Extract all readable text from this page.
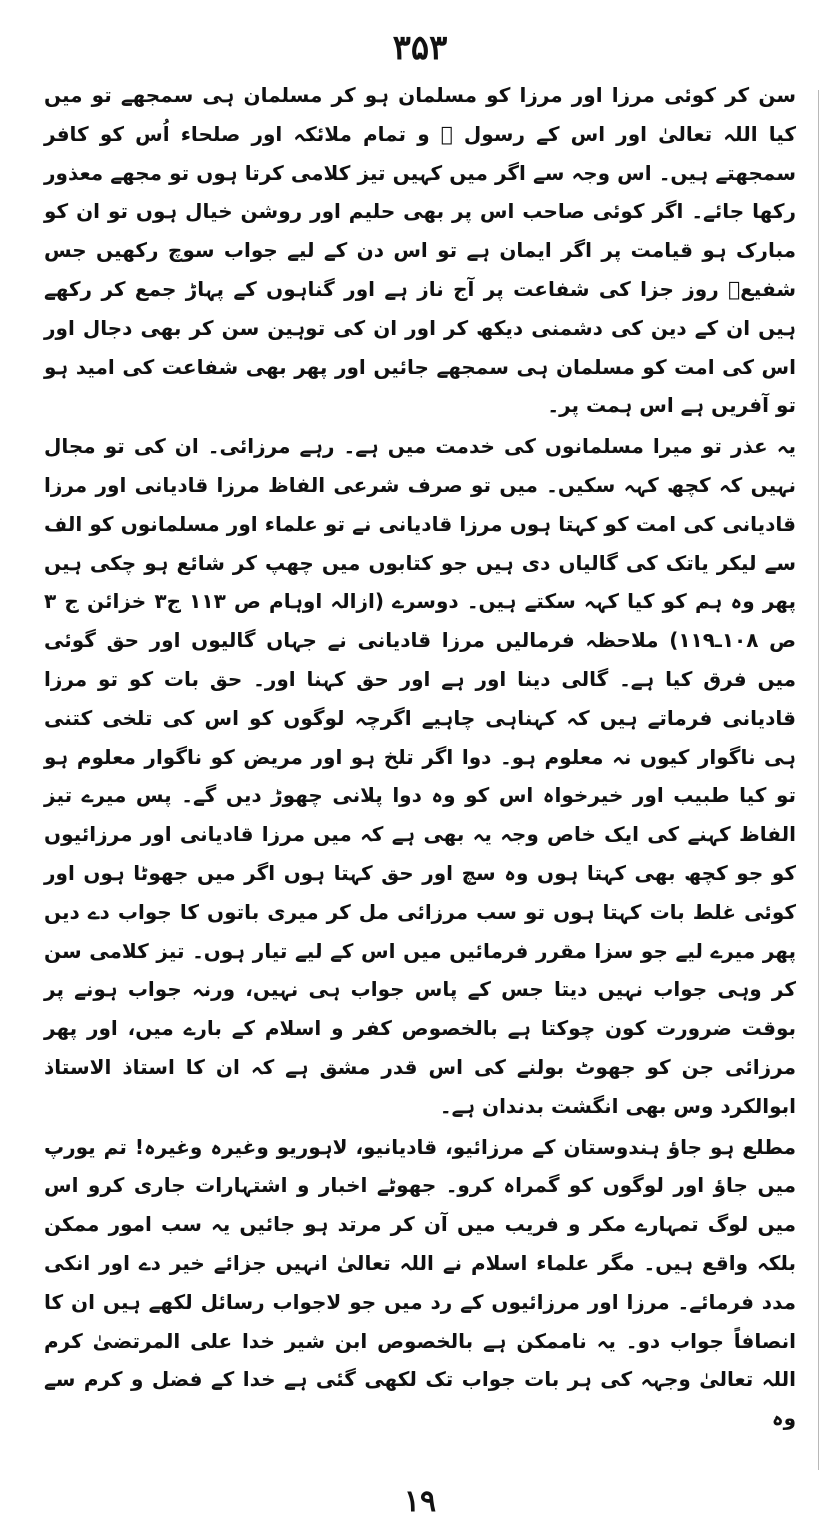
۳۵۳

سن کر کوئی مرزا اور مرزا کو مسلمان ہو کر مسلمان ہی سمجھے تو میں کیا اللہ تعالیٰ اور اس کے رسول ﷺ و تمام ملائکہ اور صلحاء اُس کو کافر سمجھتے ہیں۔ اس وجہ سے اگر میں کہیں تیز کلامی کرتا ہوں تو مجھے معذور رکھا جائے۔ اگر کوئی صاحب اس پر بھی حلیم اور روشن خیال ہوں تو ان کو مبارک ہو قیامت پر اگر ایمان ہے تو اس دن کے لیے جواب سوچ رکھیں جس شفیعؐ روز جزا کی شفاعت پر آج ناز ہے اور گناہوں کے پہاڑ جمع کر رکھے ہیں ان کے دین کی دشمنی دیکھ کر اور ان کی توہین سن کر بھی دجال اور اس کی امت کو مسلمان ہی سمجھے جائیں اور پھر بھی شفاعت کی امید ہو تو آفریں ہے اس ہمت پر۔

یہ عذر تو میرا مسلمانوں کی خدمت میں ہے۔ رہے مرزائی۔ ان کی تو مجال نہیں کہ کچھ کہہ سکیں۔ میں تو صرف شرعی الفاظ مرزا قادیانی اور مرزا قادیانی کی امت کو کہتا ہوں مرزا قادیانی نے تو علماء اور مسلمانوں کو الف سے لیکر یاتک کی گالیاں دی ہیں جو کتابوں میں چھپ کر شائع ہو چکی ہیں پھر وہ ہم کو کیا کہہ سکتے ہیں۔ دوسرے (ازالہ اوہام ص ۱۱۳ ج۳ خزائن ج ۳ ص ۱۰۸ـ۱۱۹) ملاحظہ فرمالیں مرزا قادیانی نے جہاں گالیوں اور حق گوئی میں فرق کیا ہے۔ گالی دینا اور ہے اور حق کہنا اور۔ حق بات کو تو مرزا قادیانی فرماتے ہیں کہ کہناہی چاہیے اگرچہ لوگوں کو اس کی تلخی کتنی ہی ناگوار کیوں نہ معلوم ہو۔ دوا اگر تلخ ہو اور مریض کو ناگوار معلوم ہو تو کیا طبیب اور خیرخواہ اس کو وہ دوا پلانی چھوڑ دیں گے۔ پس میرے تیز الفاظ کہنے کی ایک خاص وجہ یہ بھی ہے کہ میں مرزا قادیانی اور مرزائیوں کو جو کچھ بھی کہتا ہوں وہ سچ اور حق کہتا ہوں اگر میں جھوٹا ہوں اور کوئی غلط بات کہتا ہوں تو سب مرزائی مل کر میری باتوں کا جواب دے دیں پھر میرے لیے جو سزا مقرر فرمائیں میں اس کے لیے تیار ہوں۔ تیز کلامی سن کر وہی جواب نہیں دیتا جس کے پاس جواب ہی نہیں، ورنہ جواب ہونے پر بوقت ضرورت کون چوکتا ہے بالخصوص کفر و اسلام کے بارے میں، اور پھر مرزائی جن کو جھوٹ بولنے کی اس قدر مشق ہے کہ ان کا استاذ الاستاذ ابوالکرد وس بھی انگشت بدندان ہے۔

مطلع ہو جاؤ ہندوستان کے مرزائیو، قادیانیو، لاہوریو وغیرہ وغیرہ! تم یورپ میں جاؤ اور لوگوں کو گمراہ کرو۔ جھوٹے اخبار و اشتہارات جاری کرو اس میں لوگ تمہارے مکر و فریب میں آن کر مرتد ہو جائیں یہ سب امور ممکن بلکہ واقع ہیں۔ مگر علماء اسلام نے اللہ تعالیٰ انہیں جزائے خیر دے اور انکی مدد فرمائے۔ مرزا اور مرزائیوں کے رد میں جو لاجواب رسائل لکھے ہیں ان کا انصافاً جواب دو۔ یہ ناممکن ہے بالخصوص ابن شیر خدا علی المرتضیٰ کرم اللہ تعالیٰ وجہہ کی ہر بات جواب تک لکھی گئی ہے خدا کے فضل و کرم سے وہ

۱۹
